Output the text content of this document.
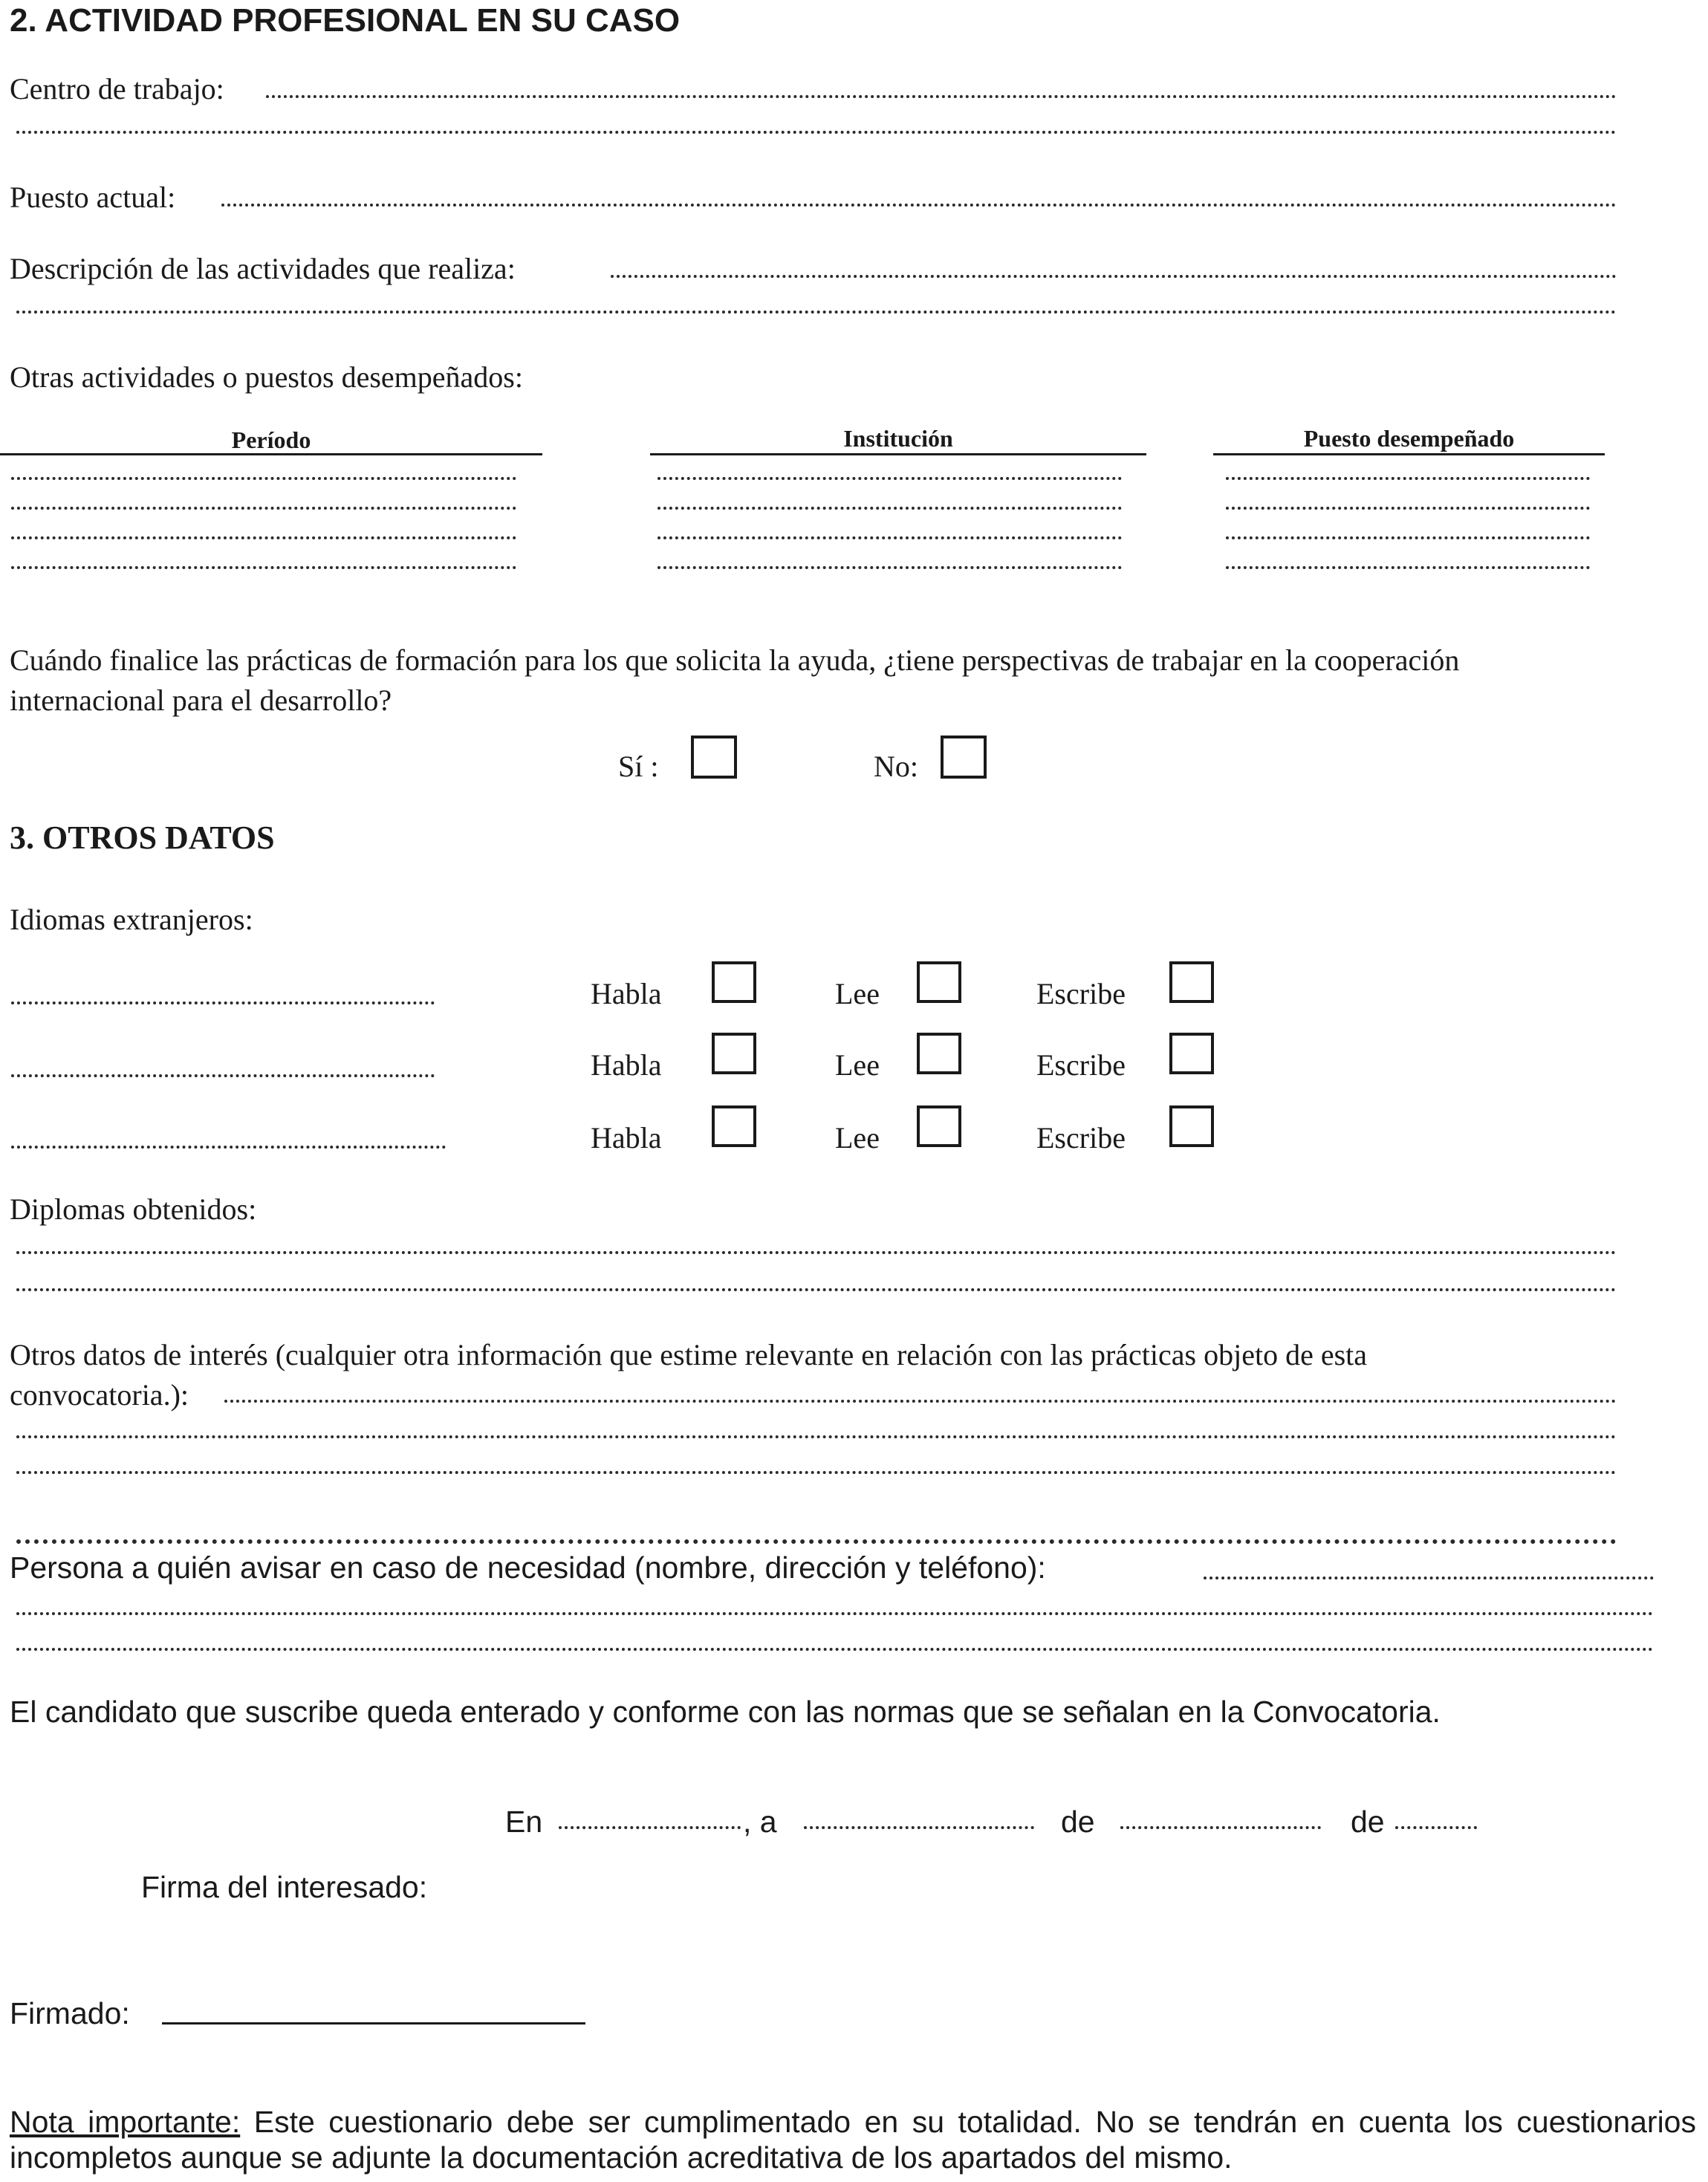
2. ACTIVIDAD PROFESIONAL EN SU CASO
Centro de trabajo:
Puesto actual:
Descripción de las actividades que realiza:
Otras actividades o puestos desempeñados:
Período	Institución	Puesto desempeñado
Cuándo finalice las prácticas de formación para los que solicita la ayuda, ¿tiene perspectivas de trabajar en la cooperación internacional para el desarrollo?
Sí :	No:
3. OTROS DATOS
Idiomas extranjeros:
Habla	Lee	Escribe
Habla	Lee	Escribe
Habla	Lee	Escribe
Diplomas obtenidos:
Otros datos de interés (cualquier otra información que estime relevante en relación con las prácticas objeto de esta
convocatoria.):
Persona a quién avisar en caso de necesidad (nombre, dirección y teléfono):
El candidato que suscribe queda enterado y conforme con las normas que se señalan en la Convocatoria.
En	, a	de	de
Firma del interesado:
Firmado:
Nota importante: Este cuestionario debe ser cumplimentado en su totalidad. No se tendrán en cuenta los cuestionarios incompletos aunque se adjunte la documentación acreditativa de los apartados del mismo.
